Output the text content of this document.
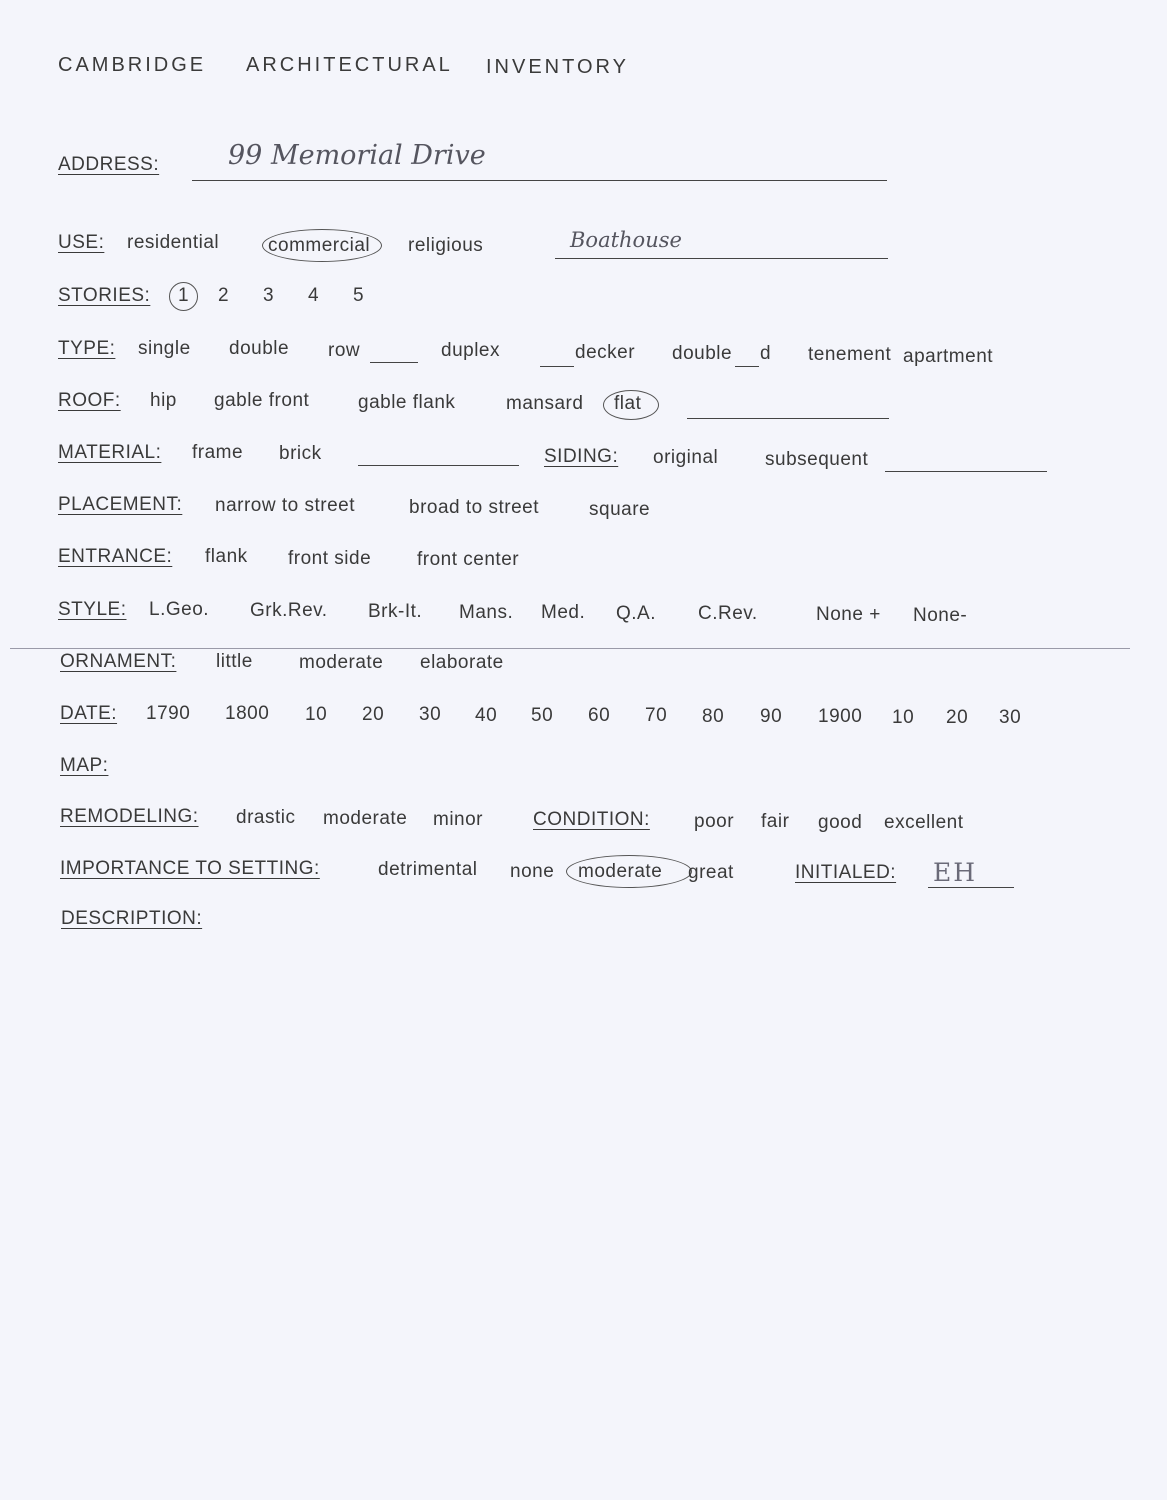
CAMBRIDGE ARCHITECTURAL INVENTORY
ADDRESS:	99 Memorial Drive
USE: residential	commercial religious	Boathouse
STORIES: 1 2 3 4 5
TYPE: single double row	duplex	decker double d tenement apartment
ROOF: hip gable front	gable flank	mansard flat
MATERIAL: frame brick	SIDING: original subsequent
PLACEMENT: narrow to street	broad to street	square
ENTRANCE: flank front side front center
STYLE: L.Geo. Grk.Rev. Brk-It. Mans. Med. Q.A. C.Rev.	None + None-
ORNAMENT: little moderate elaborate
DATE: 1790 1800 10 20 30 40 50 60 70 80 90 1900 10 20 30
MAP:
REMODELING: drastic moderate minor	CONDITION: poor fair good excellent
IMPORTANCE TO SETTING:	detrimental none moderate great	INITIALED: EH
DESCRIPTION:
